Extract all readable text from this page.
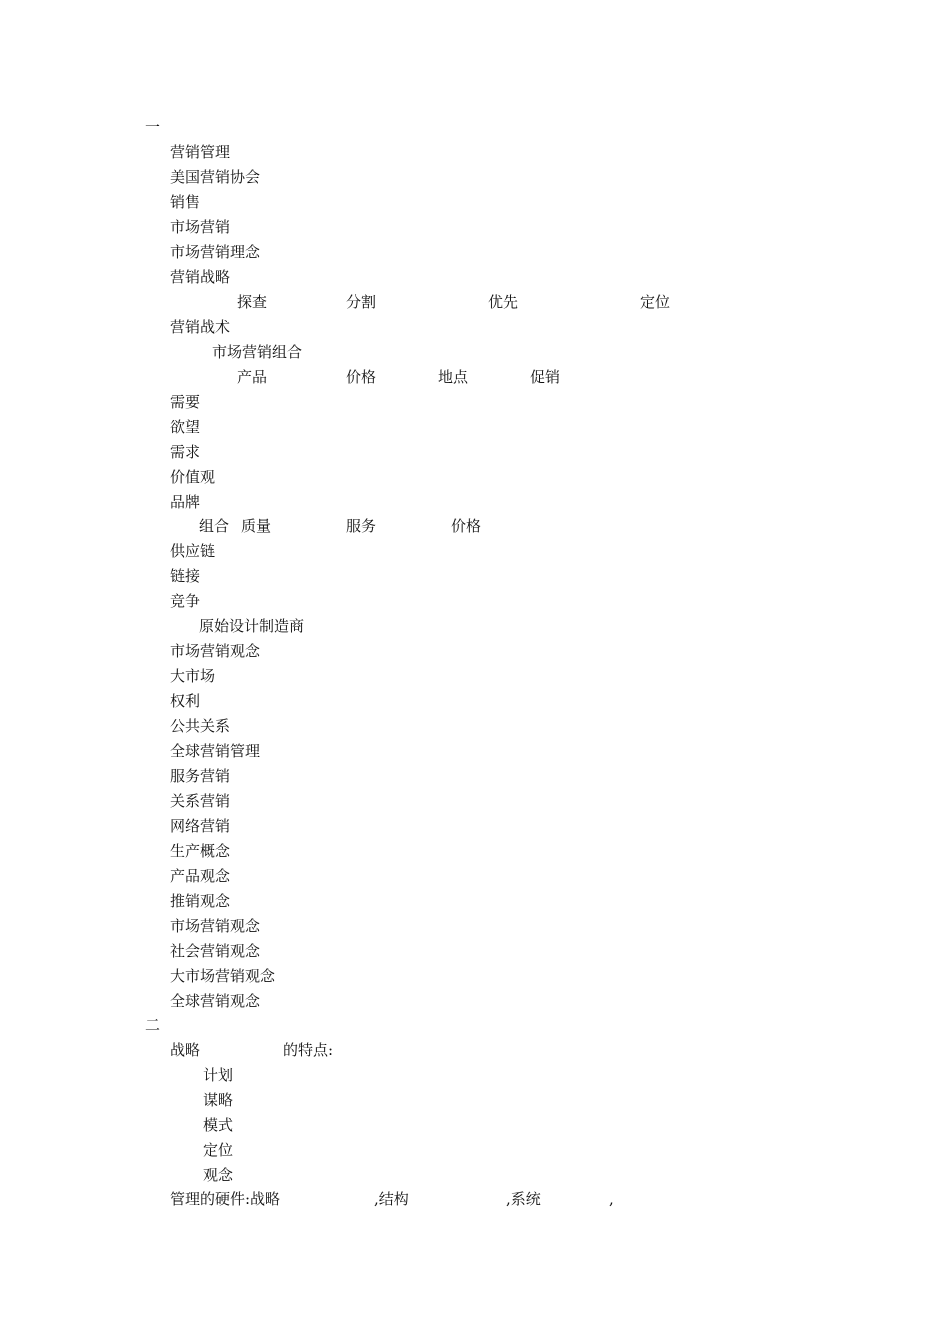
一
营销管理
美国营销协会
销售
市场营销
市场营销理念
营销战略
探查	分割	优先	定位
营销战术
市场营销组合
产品	价格	地点	促销
需要
欲望
需求
价值观
品牌
组合 质量	服务	价格
供应链
链接
竞争
原始设计制造商
市场营销观念
大市场
权利
公共关系
全球营销管理
服务营销
关系营销
网络营销
生产概念
产品观念
推销观念
市场营销观念
社会营销观念
大市场营销观念
全球营销观念
二
战略	的特点:
计划
谋略
模式
定位
观念
管理的硬件:战略	,结构	,系统	,
